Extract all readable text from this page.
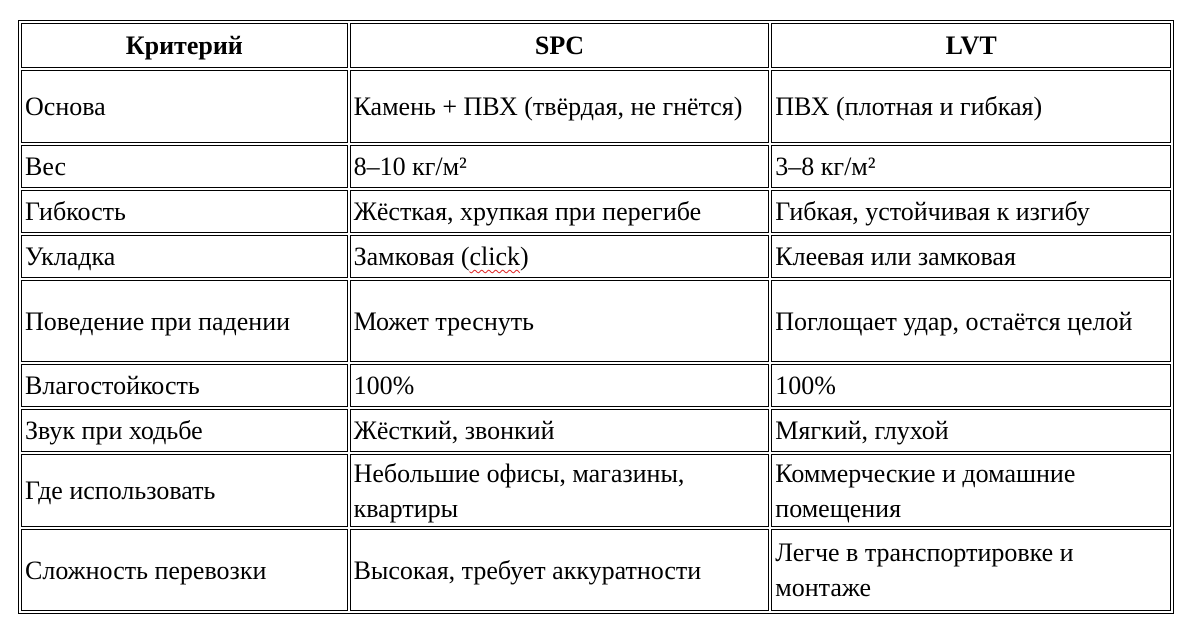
Критерий	SPC	LVT
Основа	Камень + ПВХ (твёрдая, не гнётся)	ПВХ (плотная и гибкая)
Вес	8–10 кг/м²	3–8 кг/м²
Гибкость	Жёсткая, хрупкая при перегибе	Гибкая, устойчивая к изгибу
Укладка	Замковая (click)	Клеевая или замковая
Поведение при падении	Может треснуть	Поглощает удар, остаётся целой
Влагостойкость	100%	100%
Звук при ходьбе	Жёсткий, звонкий	Мягкий, глухой
Где использовать	Небольшие офисы, магазины, квартиры	Коммерческие и домашние помещения
Сложность перевозки	Высокая, требует аккуратности	Легче в транспортировке и монтаже
